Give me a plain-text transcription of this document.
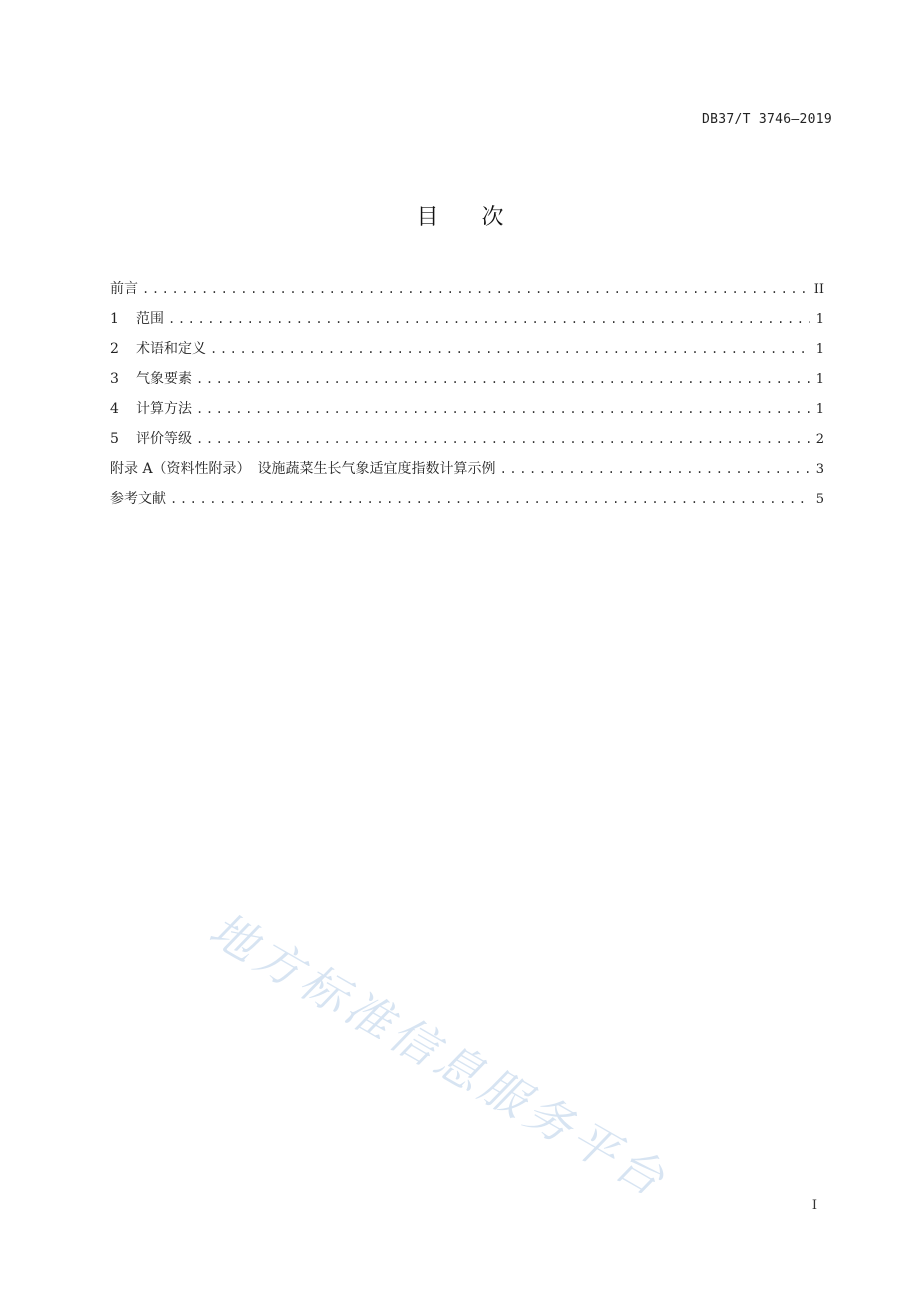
DB37/T 3746—2019
目 次
前言 .....	II
1	范围 .....	1
2	术语和定义 .....	1
3	气象要素 .....	1
4	计算方法 .....	1
5	评价等级 .....	2
附录 A（资料性附录）　设施蔬菜生长气象适宜度指数计算示例 .....	3
参考文献 .....	5
地方标准信息服务平台	I
